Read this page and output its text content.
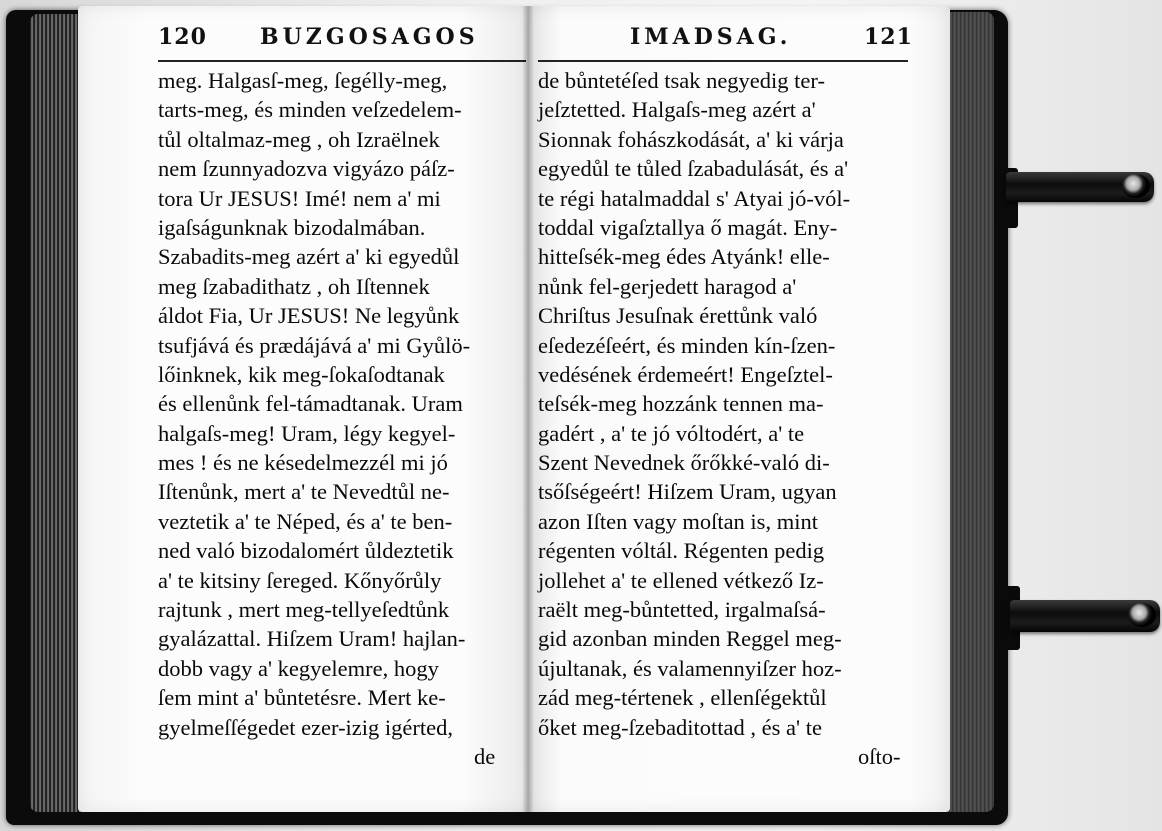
120 BUZGOSAGOS
meg. Halgasſ-meg, ſegélly-meg,
tarts-meg, és minden veſzedelem-
tůl oltalmaz-meg , oh Izraëlnek
nem ſzunnyadozva vigyázo páſz-
tora Ur JESUS! Imé! nem a' mi
igaſságunknak bizodalmában.
Szabadits-meg azért a' ki egyedůl
meg ſzabadithatz , oh Iſtennek
áldot Fia, Ur JESUS! Ne legyůnk
tsufjává és prædájává a' mi Gyůlö-
lőinknek, kik meg-ſokaſodtanak
és ellenůnk fel-támadtanak. Uram
halgaſs-meg! Uram, légy kegyel-
mes ! és ne késedelmezzél mi jó
Iſtenůnk, mert a' te Nevedtůl ne-
veztetik a' te Néped, és a' te ben-
ned való bizodalomért ůldeztetik
a' te kitsiny ſereged. Kőnyőrůly
rajtunk , mert meg-tellyeſedtůnk
gyalázattal. Hiſzem Uram! hajlan-
dobb vagy a' kegyelemre, hogy
ſem mint a' bůntetésre. Mert ke-
gyelmeſſégedet ezer-izig igérted,
de
IMADSAG.	121
de bůntetéſed tsak negyedig ter-
jeſztetted. Halgaſs-meg azért a'
Sionnak fohászkodását, a' ki várja
egyedůl te tůled ſzabadulását, és a'
te régi hatalmaddal s' Atyai jó-vól-
toddal vigaſztallya ő magát. Eny-
hitteſsék-meg édes Atyánk! elle-
nůnk fel-gerjedett haragod a'
Chriſtus Jesuſnak érettůnk való
eſedezéſeért, és minden kín-ſzen-
vedésének érdemeért! Engeſztel-
teſsék-meg hozzánk tennen ma-
gadért , a' te jó vóltodért, a' te
Szent Nevednek őrőkké-való di-
tsőſségeért! Hiſzem Uram, ugyan
azon Iſten vagy moſtan is, mint
régenten vóltál. Régenten pedig
jollehet a' te ellened vétkező Iz-
raëlt meg-bůntetted, irgalmaſsá-
gid azonban minden Reggel meg-
újultanak, és valamennyiſzer hoz-
zád meg-tértenek , ellenſégektůl
őket meg-ſzebaditottad , és a' te
oſto-
